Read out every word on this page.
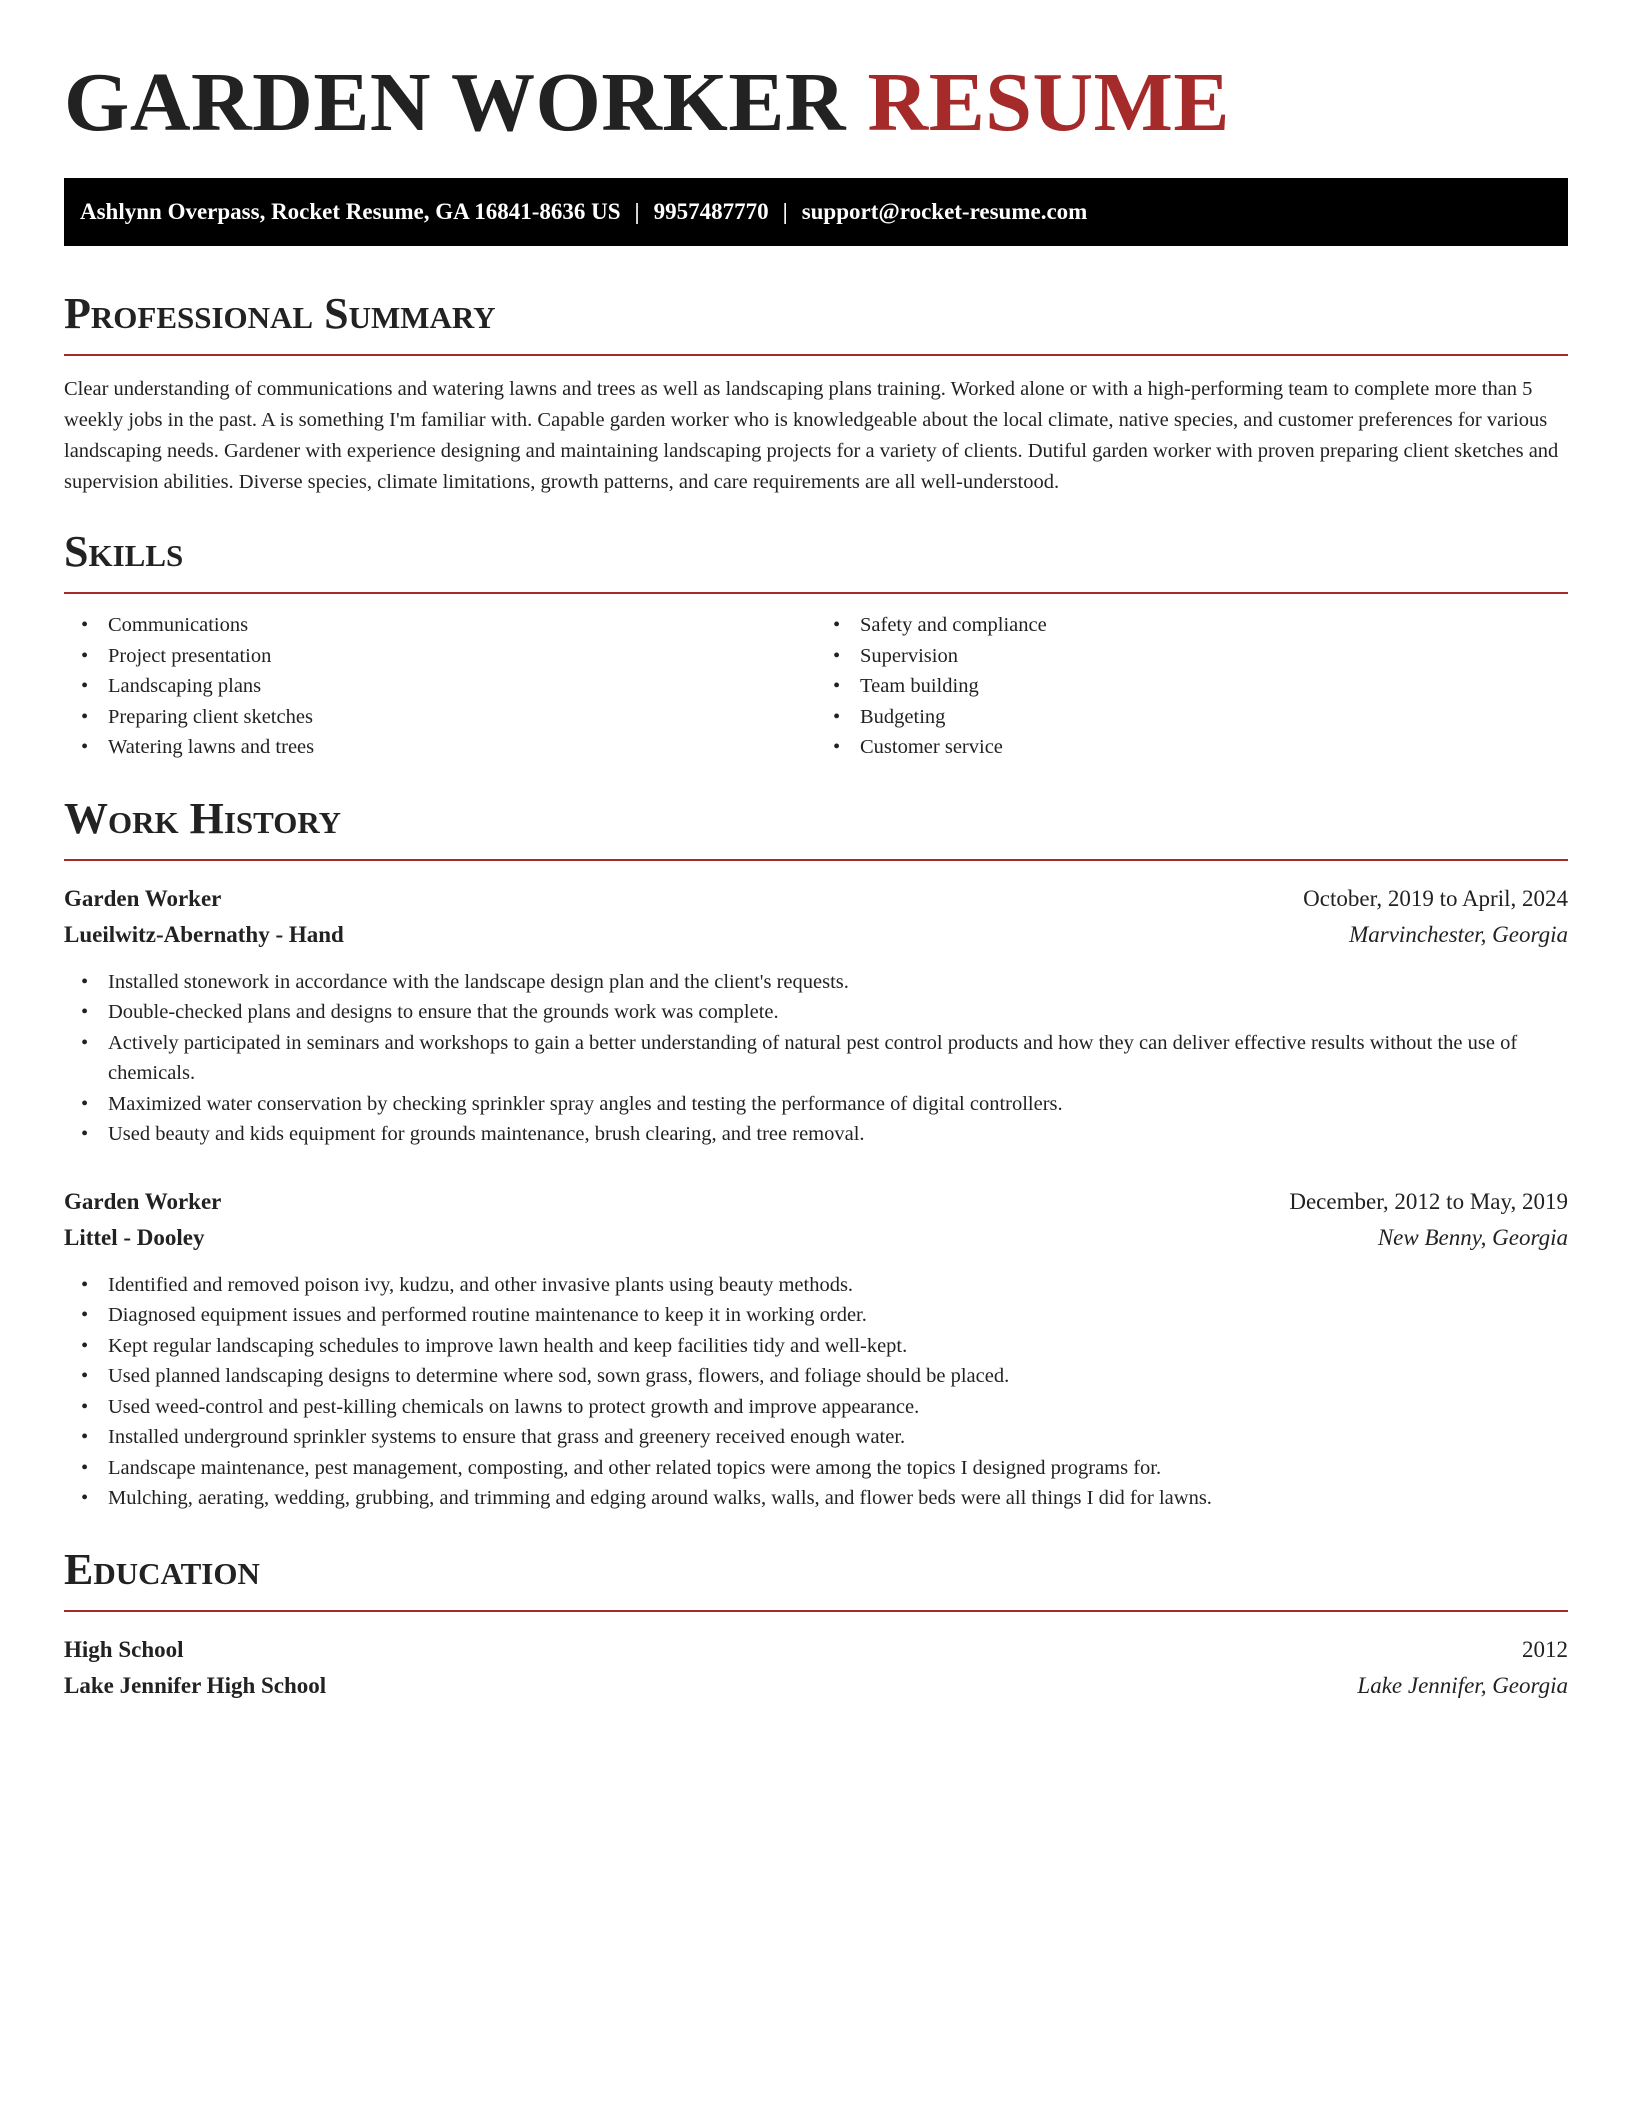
GARDEN WORKER RESUME
Ashlynn Overpass, Rocket Resume, GA 16841-8636 US | 9957487770 | support@rocket-resume.com
Professional Summary

Clear understanding of communications and watering lawns and trees as well as landscaping plans training. Worked alone or with a high-performing team to complete more than 5 weekly jobs in the past. A is something I'm familiar with. Capable garden worker who is knowledgeable about the local climate, native species, and customer preferences for various landscaping needs. Gardener with experience designing and maintaining landscaping projects for a variety of clients. Dutiful garden worker with proven preparing client sketches and supervision abilities. Diverse species, climate limitations, growth patterns, and care requirements are all well-understood.

Skills
• Communications
• Project presentation
• Landscaping plans
• Preparing client sketches
• Watering lawns and trees
• Safety and compliance
• Supervision
• Team building
• Budgeting
• Customer service
Work History
Garden Worker	October, 2019 to April, 2024
Lueilwitz-Abernathy - Hand	Marvinchester, Georgia
• Installed stonework in accordance with the landscape design plan and the client's requests.
• Double-checked plans and designs to ensure that the grounds work was complete.
• Actively participated in seminars and workshops to gain a better understanding of natural pest control products and how they can deliver effective results without the use of chemicals.
• Maximized water conservation by checking sprinkler spray angles and testing the performance of digital controllers.
• Used beauty and kids equipment for grounds maintenance, brush clearing, and tree removal.
Garden Worker	December, 2012 to May, 2019
Littel - Dooley	New Benny, Georgia
• Identified and removed poison ivy, kudzu, and other invasive plants using beauty methods.
• Diagnosed equipment issues and performed routine maintenance to keep it in working order.
• Kept regular landscaping schedules to improve lawn health and keep facilities tidy and well-kept.
• Used planned landscaping designs to determine where sod, sown grass, flowers, and foliage should be placed.
• Used weed-control and pest-killing chemicals on lawns to protect growth and improve appearance.
• Installed underground sprinkler systems to ensure that grass and greenery received enough water.
• Landscape maintenance, pest management, composting, and other related topics were among the topics I designed programs for.
• Mulching, aerating, wedding, grubbing, and trimming and edging around walks, walls, and flower beds were all things I did for lawns.
Education
High School	2012
Lake Jennifer High School	Lake Jennifer, Georgia
